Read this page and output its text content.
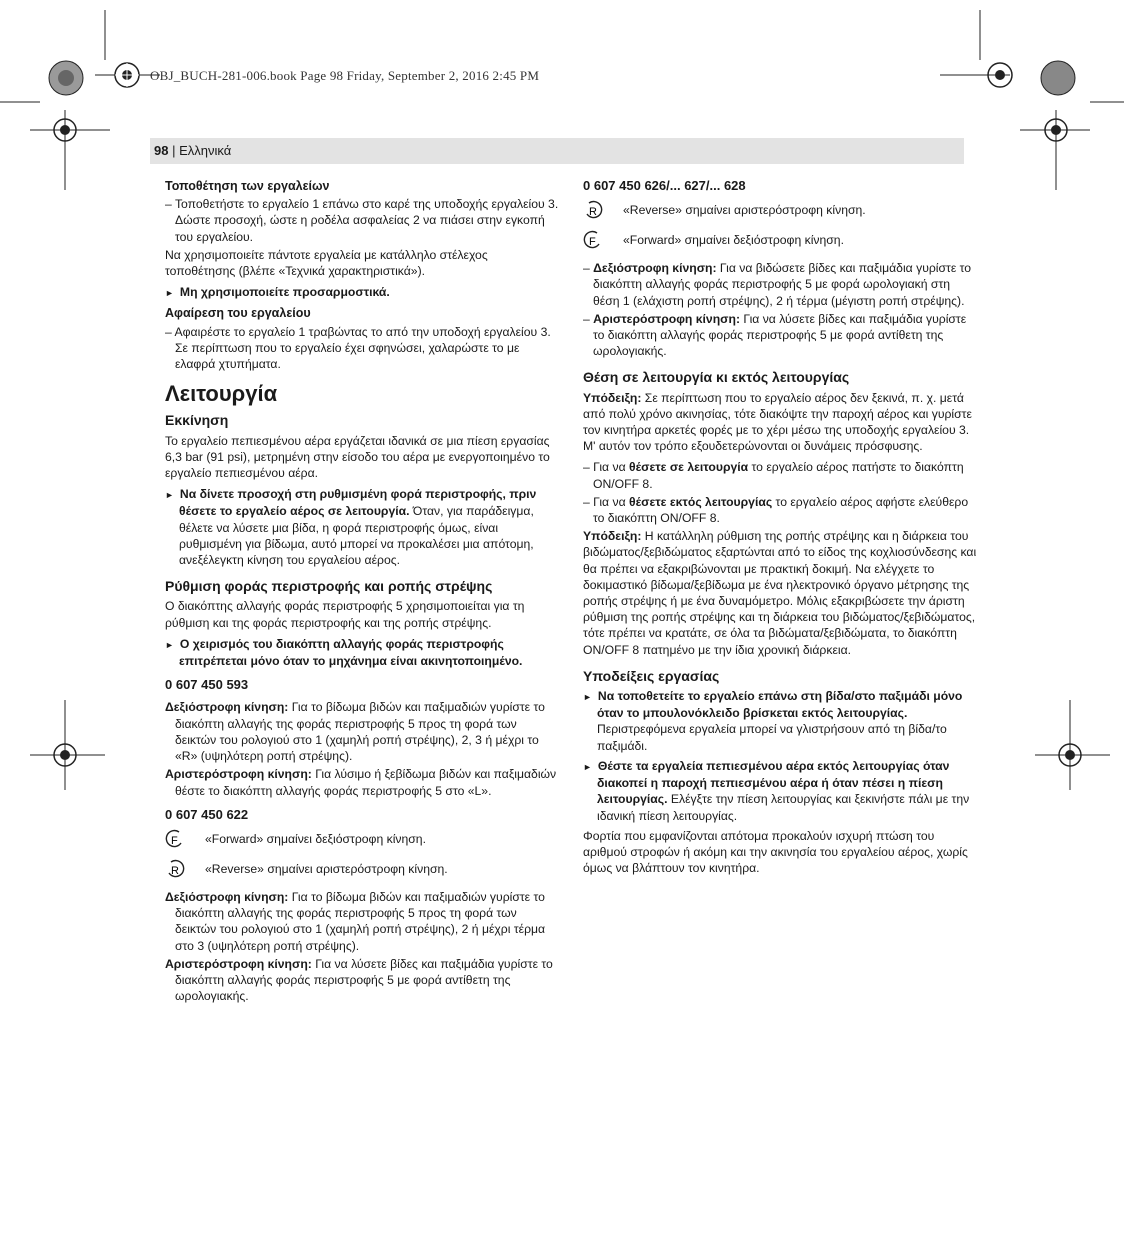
OBJ_BUCH-281-006.book Page 98 Friday, September 2, 2016 2:45 PM
98 | Ελληνικά
Τοποθέτηση των εργαλείων

– Τοποθετήστε το εργαλείο 1 επάνω στο καρέ της υποδοχής εργαλείου 3. Δώστε προσοχή, ώστε η ροδέλα ασφαλείας 2 να πιάσει στην εγκοπή του εργαλείου.

Να χρησιμοποιείτε πάντοτε εργαλεία με κατάλληλο στέλεχος τοποθέτησης (βλέπε «Τεχνικά χαρακτηριστικά»).

► Μη χρησιμοποιείτε προσαρμοστικά.

Αφαίρεση του εργαλείου

– Αφαιρέστε το εργαλείο 1 τραβώντας το από την υποδοχή εργαλείου 3. Σε περίπτωση που το εργαλείο έχει σφηνώσει, χαλαρώστε το με ελαφρά χτυπήματα.

Λειτουργία
Εκκίνηση

Το εργαλείο πεπιεσμένου αέρα εργάζεται ιδανικά σε μια πίεση εργασίας 6,3 bar (91 psi), μετρημένη στην είσοδο του αέρα με ενεργοποιημένο το εργαλείο πεπιεσμένου αέρα.

► Να δίνετε προσοχή στη ρυθμισμένη φορά περιστροφής, πριν θέσετε το εργαλείο αέρος σε λειτουργία. Όταν, για παράδειγμα, θέλετε να λύσετε μια βίδα, η φορά περιστροφής όμως, είναι ρυθμισμένη για βίδωμα, αυτό μπορεί να προκαλέσει μια απότομη, ανεξέλεγκτη κίνηση του εργαλείου αέρος.

Ρύθμιση φοράς περιστροφής και ροπής στρέψης

Ο διακόπτης αλλαγής φοράς περιστροφής 5 χρησιμοποιείται για τη ρύθμιση και της φοράς περιστροφής και της ροπής στρέψης.

► Ο χειρισμός του διακόπτη αλλαγής φοράς περιστροφής επιτρέπεται μόνο όταν το μηχάνημα είναι ακινητοποιημένο.

0 607 450 593

Δεξιόστροφη κίνηση: Για το βίδωμα βιδών και παξιμαδιών γυρίστε το διακόπτη αλλαγής της φοράς περιστροφής 5 προς τη φορά των δεικτών του ρολογιού στο 1 (χαμηλή ροπή στρέψης), 2, 3 ή μέχρι το «R» (υψηλότερη ροπή στρέψης).

Αριστερόστροφη κίνηση: Για λύσιμο ή ξεβίδωμα βιδών και παξιμαδιών θέστε το διακόπτη αλλαγής φοράς περιστροφής 5 στο «L».

0 607 450 622
F «Forward» σημαίνει δεξιόστροφη κίνηση.
R «Reverse» σημαίνει αριστερόστροφη κίνηση.

Δεξιόστροφη κίνηση: Για το βίδωμα βιδών και παξιμαδιών γυρίστε το διακόπτη αλλαγής της φοράς περιστροφής 5 προς τη φορά των δεικτών του ρολογιού στο 1 (χαμηλή ροπή στρέψης), 2 ή μέχρι τέρμα στο 3 (υψηλότερη ροπή στρέψης).

Αριστερόστροφη κίνηση: Για να λύσετε βίδες και παξιμάδια γυρίστε το διακόπτη αλλαγής φοράς περιστροφής 5 με φορά αντίθετη της ωρολογιακής.

0 607 450 626/... 627/... 628
R «Reverse» σημαίνει αριστερόστροφη κίνηση.
F «Forward» σημαίνει δεξιόστροφη κίνηση.

– Δεξιόστροφη κίνηση: Για να βιδώσετε βίδες και παξιμάδια γυρίστε το διακόπτη αλλαγής φοράς περιστροφής 5 με φορά ωρολογιακή στη θέση 1 (ελάχιστη ροπή στρέψης), 2 ή τέρμα (μέγιστη ροπή στρέψης).

– Αριστερόστροφη κίνηση: Για να λύσετε βίδες και παξιμάδια γυρίστε το διακόπτη αλλαγής φοράς περιστροφής 5 με φορά αντίθετη της ωρολογιακής.

Θέση σε λειτουργία κι εκτός λειτουργίας

Υπόδειξη: Σε περίπτωση που το εργαλείο αέρος δεν ξεκινά, π. χ. μετά από πολύ χρόνο ακινησίας, τότε διακόψτε την παροχή αέρος και γυρίστε τον κινητήρα αρκετές φορές με το χέρι μέσω της υποδοχής εργαλείου 3. Μ' αυτόν τον τρόπο εξουδετερώνονται οι δυνάμεις πρόσφυσης.

– Για να θέσετε σε λειτουργία το εργαλείο αέρος πατήστε το διακόπτη ON/OFF 8.

– Για να θέσετε εκτός λειτουργίας το εργαλείο αέρος αφήστε ελεύθερο το διακόπτη ON/OFF 8.

Υπόδειξη: Η κατάλληλη ρύθμιση της ροπής στρέψης και η διάρκεια του βιδώματος/ξεβιδώματος εξαρτώνται από το είδος της κοχλιοσύνδεσης και θα πρέπει να εξακριβώνονται με πρακτική δοκιμή. Να ελέγχετε το δοκιμαστικό βίδωμα/ξεβίδωμα με ένα ηλεκτρονικό όργανο μέτρησης της ροπής στρέψης ή με ένα δυναμόμετρο. Μόλις εξακριβώσετε την άριστη ρύθμιση της ροπής στρέψης και τη διάρκεια του βιδώματος/ξεβιδώματος, τότε πρέπει να κρατάτε, σε όλα τα βιδώματα/ξεβιδώματα, το διακόπτη ON/OFF 8 πατημένο με την ίδια χρονική διάρκεια.

Υποδείξεις εργασίας

► Να τοποθετείτε το εργαλείο επάνω στη βίδα/στο παξιμάδι μόνο όταν το μπουλονόκλειδο βρίσκεται εκτός λειτουργίας. Περιστρεφόμενα εργαλεία μπορεί να γλιστρήσουν από τη βίδα/το παξιμάδι.

► Θέστε τα εργαλεία πεπιεσμένου αέρα εκτός λειτουργίας όταν διακοπεί η παροχή πεπιεσμένου αέρα ή όταν πέσει η πίεση λειτουργίας. Ελέγξτε την πίεση λειτουργίας και ξεκινήστε πάλι με την ιδανική πίεση λειτουργίας.

Φορτία που εμφανίζονται απότομα προκαλούν ισχυρή πτώση του αριθμού στροφών ή ακόμη και την ακινησία του εργαλείου αέρος, χωρίς όμως να βλάπτουν τον κινητήρα.
